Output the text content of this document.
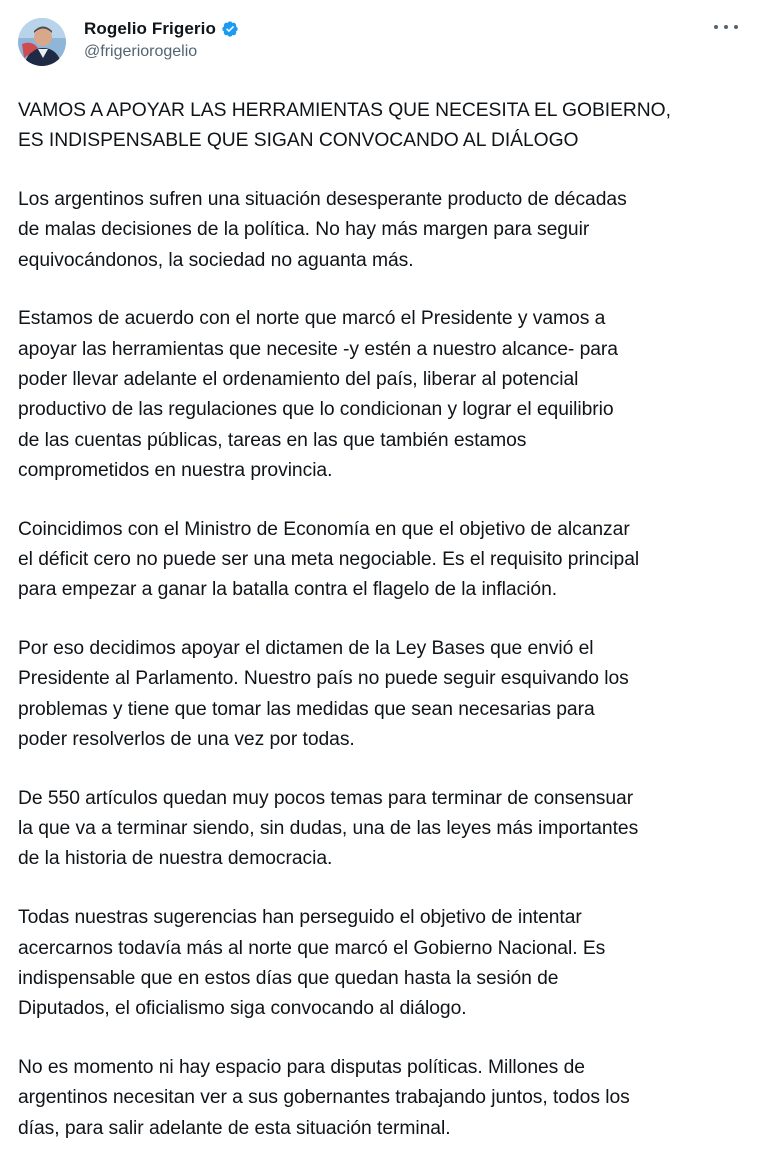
Rogelio Frigerio
@frigeriorogelio

VAMOS A APOYAR LAS HERRAMIENTAS QUE NECESITA EL GOBIERNO,
ES INDISPENSABLE QUE SIGAN CONVOCANDO AL DIÁLOGO

Los argentinos sufren una situación desesperante producto de décadas
de malas decisiones de la política. No hay más margen para seguir
equivocándonos, la sociedad no aguanta más.

Estamos de acuerdo con el norte que marcó el Presidente y vamos a
apoyar las herramientas que necesite -y estén a nuestro alcance- para
poder llevar adelante el ordenamiento del país, liberar al potencial
productivo de las regulaciones que lo condicionan y lograr el equilibrio
de las cuentas públicas, tareas en las que también estamos
comprometidos en nuestra provincia.

Coincidimos con el Ministro de Economía en que el objetivo de alcanzar
el déficit cero no puede ser una meta negociable. Es el requisito principal
para empezar a ganar la batalla contra el flagelo de la inflación.

Por eso decidimos apoyar el dictamen de la Ley Bases que envió el
Presidente al Parlamento. Nuestro país no puede seguir esquivando los
problemas y tiene que tomar las medidas que sean necesarias para
poder resolverlos de una vez por todas.

De 550 artículos quedan muy pocos temas para terminar de consensuar
la que va a terminar siendo, sin dudas, una de las leyes más importantes
de la historia de nuestra democracia.

Todas nuestras sugerencias han perseguido el objetivo de intentar
acercarnos todavía más al norte que marcó el Gobierno Nacional. Es
indispensable que en estos días que quedan hasta la sesión de
Diputados, el oficialismo siga convocando al diálogo.

No es momento ni hay espacio para disputas políticas. Millones de
argentinos necesitan ver a sus gobernantes trabajando juntos, todos los
días, para salir adelante de esta situación terminal.
